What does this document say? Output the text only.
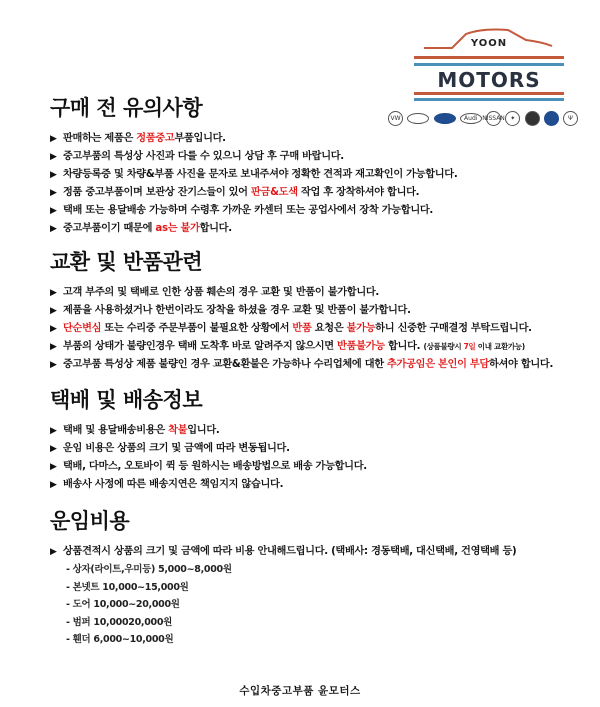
YOON
MOTORS
VW	Audi NISSAN ✦	Ψ
구매 전 유의사항
▶ 판매하는 제품은 정품중고부품입니다.
▶ 중고부품의 특성상 사진과 다를 수 있으니 상담 후 구매 바랍니다.
▶ 차량등록증 및 차량&부품 사진을 문자로 보내주셔야 정확한 견적과 재고확인이 가능합니다.
▶ 정품 중고부품이며 보관상 잔기스들이 있어 판금&도색 작업 후 장착하셔야 합니다.
▶ 택배 또는 용달배송 가능하며 수령후 가까운 카센터 또는 공업사에서 장착 가능합니다.
▶ 중고부품이기 때문에 as는 불가합니다.
교환 및 반품관련
▶ 고객 부주의 및 택배로 인한 상품 훼손의 경우 교환 및 반품이 불가합니다.
▶ 제품을 사용하셨거나 한번이라도 장착을 하셨을 경우 교환 및 반품이 불가합니다.
▶ 단순변심 또는 수리중 주문부품이 불필요한 상황에서 반품 요청은 불가능하니 신중한 구매결정 부탁드립니다.
▶ 부품의 상태가 불량인경우 택배 도착후 바로 알려주지 않으시면 반품불가능 합니다. (상품불량시 7일 이내 교환가능)
▶ 중고부품 특성상 제품 불량인 경우 교환&환불은 가능하나 수리업체에 대한 추가공임은 본인이 부담하셔야 합니다.
택배 및 배송정보
▶ 택배 및 용달배송비용은 착불입니다.
▶ 운임 비용은 상품의 크기 및 금액에 따라 변동됩니다.
▶ 택배, 다마스, 오토바이 퀵 등 원하시는 배송방법으로 배송 가능합니다.
▶ 배송사 사정에 따른 배송지연은 책임지지 않습니다.
운임비용
▶ 상품견적시 상품의 크기 및 금액에 따라 비용 안내해드립니다. (택배사: 경동택배, 대신택배, 건영택배 등)
- 상자(라이트,우미등) 5,000~8,000원
- 본넷트 10,000~15,000원
- 도어 10,000~20,000원
- 범퍼 10,00020,000원
- 휀더 6,000~10,000원
수입차중고부품 윤모터스
